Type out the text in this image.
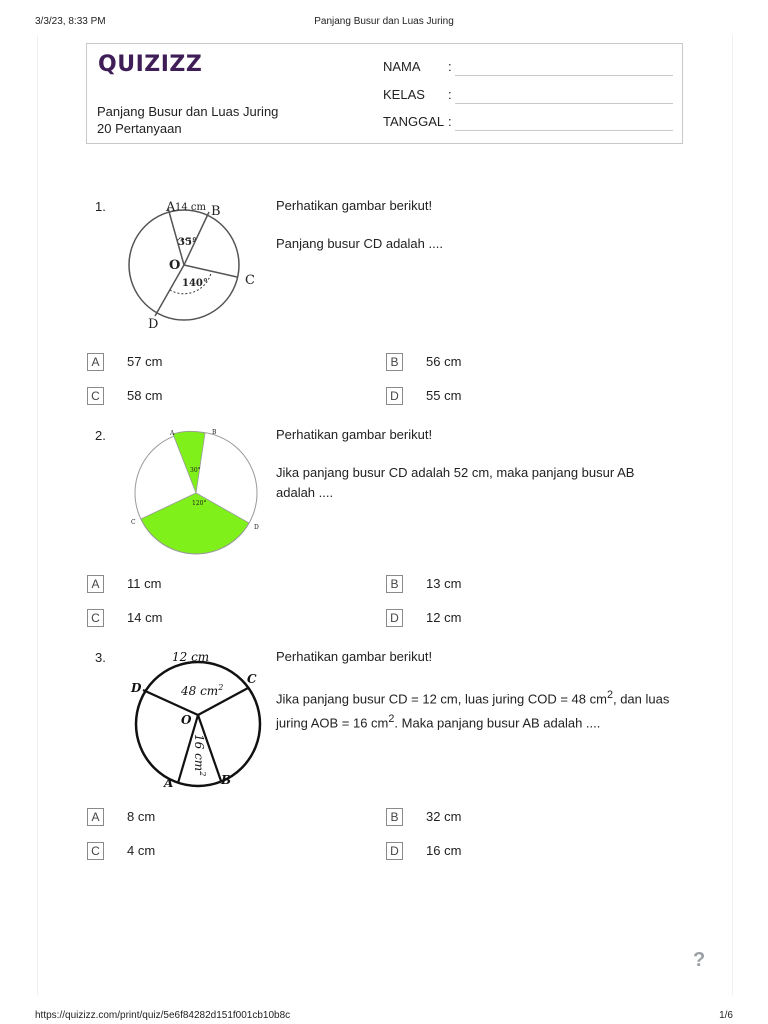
3/3/23, 8:33 PM	Panjang Busur dan Luas Juring
QUIZIZZ
Panjang Busur dan Luas Juring
20 Pertanyaan
NAMA :
KELAS :
TANGGAL :
1.	14 cm
35°
140°
A	B
C
D
O

Perhatikan gambar berikut!

Panjang busur CD adalah ....

A	57 cm	B	56 cm
C	58 cm	D	55 cm
2.
30°
120°
A	B
C
D

Perhatikan gambar berikut!

Jika panjang busur CD adalah 52 cm, maka panjang busur AB adalah ....

A	11 cm	B	13 cm
C	14 cm	D	12 cm
3.	12 cm
48 $cm^2$
16 $cm^2$
A	B
C
D
O

Perhatikan gambar berikut!

Jika panjang busur CD = 12 cm, luas juring COD = 48 $cm^2$, dan luas juring AOB = 16 $cm^2$. Maka panjang busur AB adalah ....

A	8 cm	B	32 cm
C	4 cm	D	16 cm
?
https://quizizz.com/print/quiz/5e6f84282d151f001cb10b8c	1/6
